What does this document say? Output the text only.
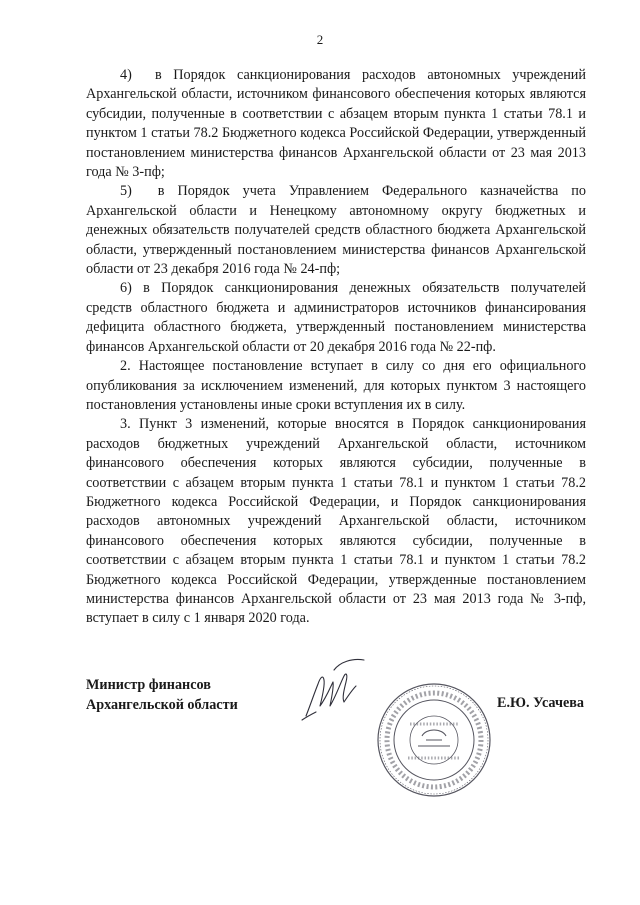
2

4)  в Порядок санкционирования расходов автономных учреждений Архангельской области, источником финансового обеспечения которых являются субсидии, полученные в соответствии с абзацем вторым пункта 1 статьи 78.1 и пунктом 1 статьи 78.2 Бюджетного кодекса Российской Федерации, утвержденный постановлением министерства финансов Архангельской области от 23 мая 2013 года № 3-пф;

5)  в Порядок учета Управлением Федерального казначейства по Архангельской области и Ненецкому автономному округу бюджетных и денежных обязательств получателей средств областного бюджета Архангельской области, утвержденный постановлением министерства финансов Архангельской области от 23 декабря 2016 года № 24-пф;

6) в Порядок санкционирования денежных обязательств получателей средств областного бюджета и администраторов источников финансирования дефицита областного бюджета, утвержденный постановлением министерства финансов Архангельской области от 20 декабря 2016 года № 22-пф.

2. Настоящее постановление вступает в силу со дня его официального опубликования за исключением изменений, для которых пунктом 3 настоящего постановления установлены иные сроки вступления их в силу.

3. Пункт 3 изменений, которые вносятся в Порядок санкционирования расходов бюджетных учреждений Архангельской области, источником финансового обеспечения которых являются субсидии, полученные в соответствии с абзацем вторым пункта 1 статьи 78.1 и пунктом 1 статьи 78.2 Бюджетного кодекса Российской Федерации, и Порядок санкционирования расходов автономных учреждений Архангельской области, источником финансового обеспечения которых являются субсидии, полученные в соответствии с абзацем вторым пункта 1 статьи 78.1 и пунктом 1 статьи 78.2 Бюджетного кодекса Российской Федерации, утвержденные постановлением министерства финансов Архангельской области от 23 мая 2013 года № 3-пф, вступает в силу с 1 января 2020 года.

Министр финансов
Архангельской области	Е.Ю. Усачева
